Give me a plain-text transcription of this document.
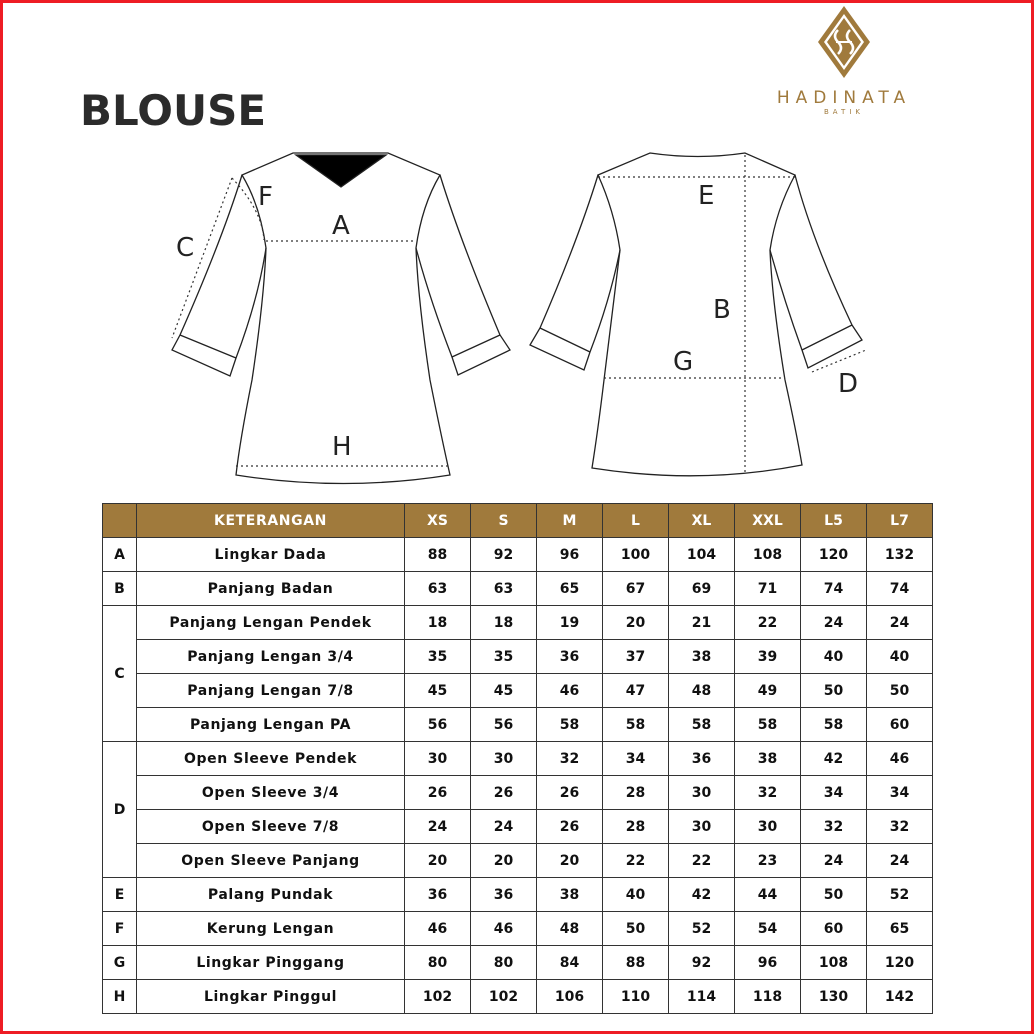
BLOUSE	HADINATA
BATIK
A
F
C
H
E
B
G
D
	KETERANGAN	XS	S	M	L	XL	XXL	L5	L7
A	Lingkar Dada	88	92	96	100	104	108	120	132
B	Panjang Badan	63	63	65	67	69	71	74	74
C	Panjang Lengan Pendek	18	18	19	20	21	22	24	24
	Panjang Lengan 3/4	35	35	36	37	38	39	40	40
	Panjang Lengan 7/8	45	45	46	47	48	49	50	50
	Panjang Lengan PA	56	56	58	58	58	58	58	60
D	Open Sleeve Pendek	30	30	32	34	36	38	42	46
	Open Sleeve 3/4	26	26	26	28	30	32	34	34
	Open Sleeve 7/8	24	24	26	28	30	30	32	32
	Open Sleeve Panjang	20	20	20	22	22	23	24	24
E	Palang Pundak	36	36	38	40	42	44	50	52
F	Kerung Lengan	46	46	48	50	52	54	60	65
G	Lingkar Pinggang	80	80	84	88	92	96	108	120
H	Lingkar Pinggul	102	102	106	110	114	118	130	142
